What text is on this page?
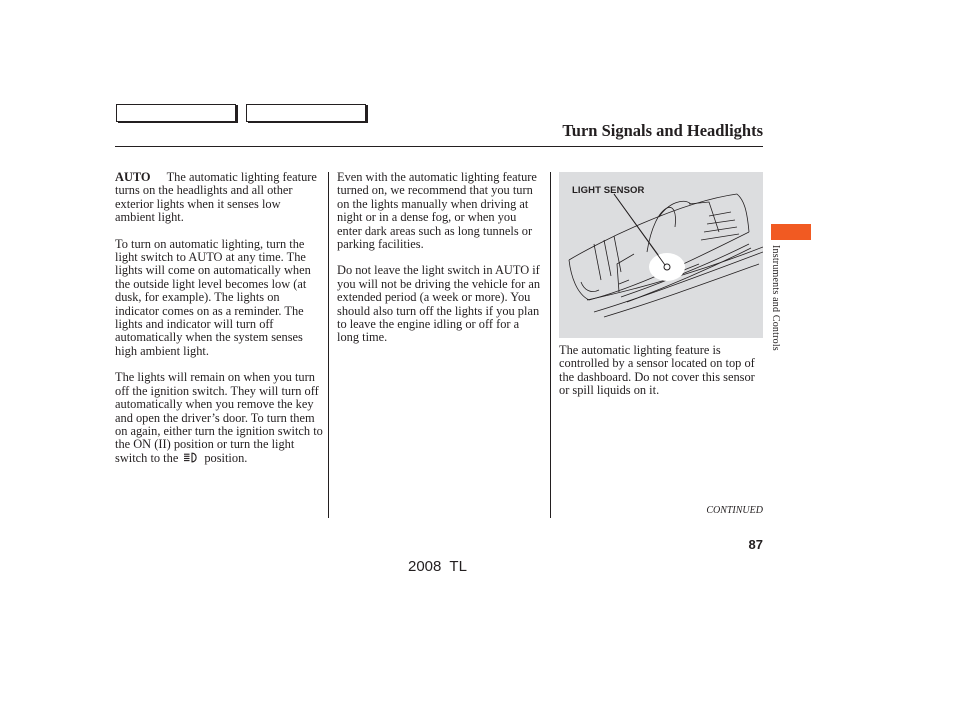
Turn Signals and Headlights

AUTO The automatic lighting feature turns on the headlights and all other exterior lights when it senses low ambient light.

To turn on automatic lighting, turn the light switch to AUTO at any time. The lights will come on automatically when the outside light level becomes low (at dusk, for example). The lights on indicator comes on as a reminder. The lights and indicator will turn off automatically when the system senses high ambient light.

The lights will remain on when you turn off the ignition switch. They will turn off automatically when you remove the key and open the driver’s door. To turn them on again, either turn the ignition switch to the ON (II) position or turn the light switch to the position.

Even with the automatic lighting feature turned on, we recommend that you turn on the lights manually when driving at night or in a dense fog, or when you enter dark areas such as long tunnels or parking facilities.

Do not leave the light switch in AUTO if you will not be driving the vehicle for an extended period (a week or more). You should also turn off the lights if you plan to leave the engine idling or off for a long time.

LIGHT SENSOR
The automatic lighting feature is controlled by a sensor located on top of the dashboard. Do not cover this sensor or spill liquids on it.
Instruments and Controls
CONTINUED
87
2008  TL
